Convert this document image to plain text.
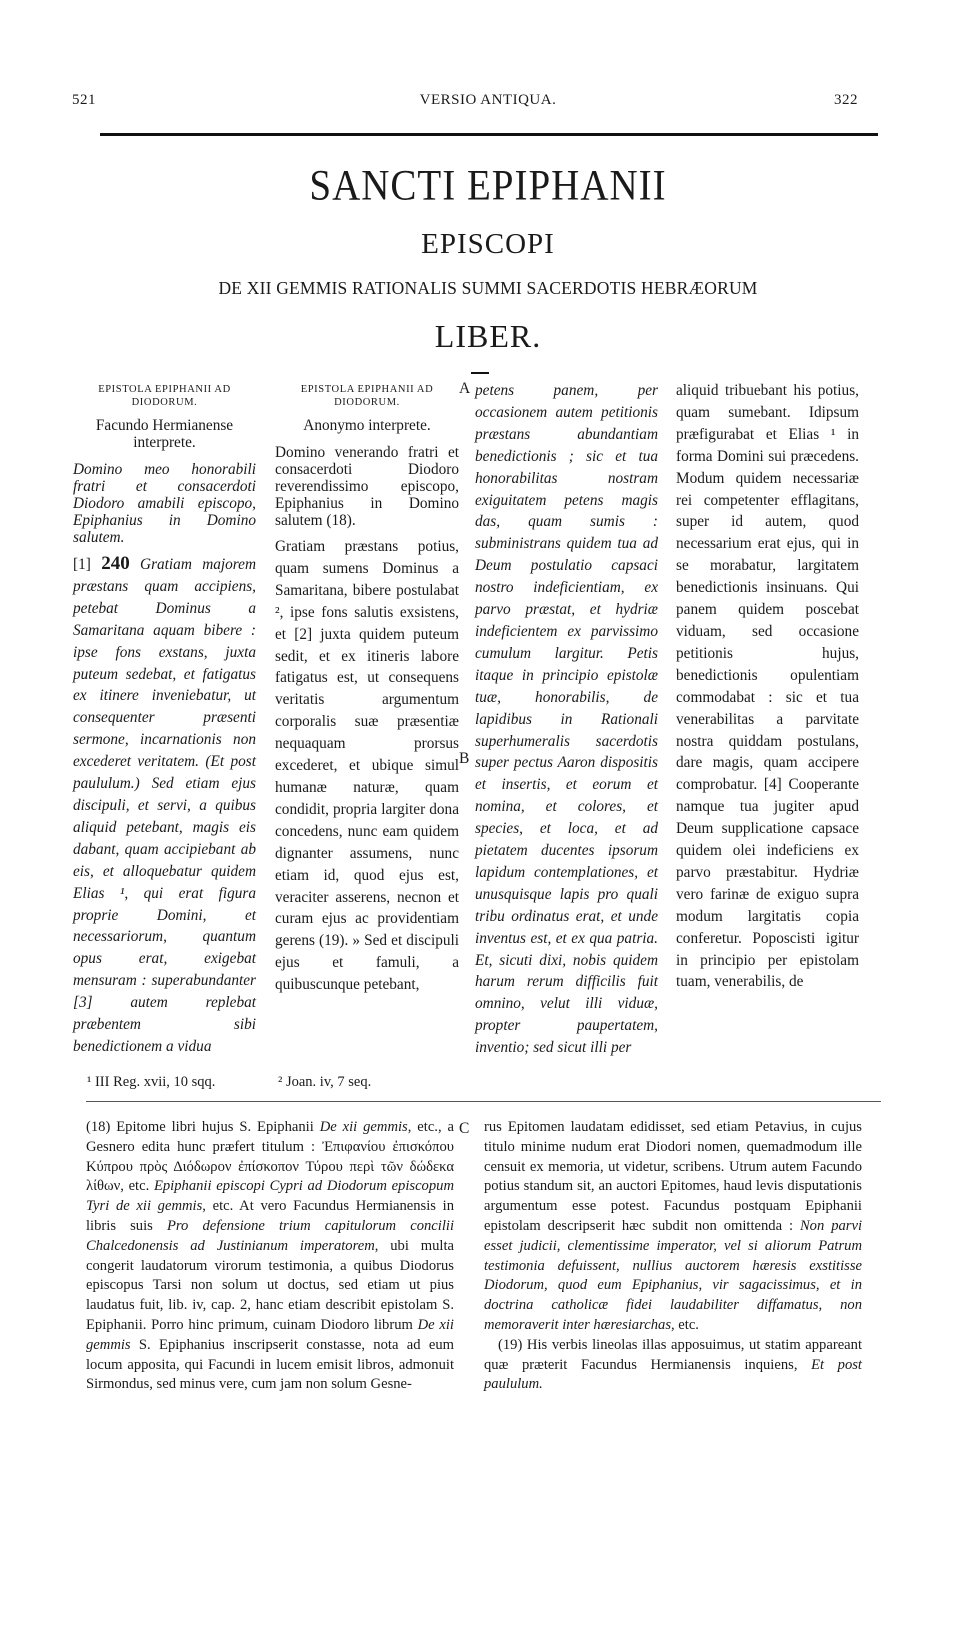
521	VERSIO ANTIQUA.	322
SANCTI EPIPHANII
EPISCOPI
DE XII GEMMIS RATIONALIS SUMMI SACERDOTIS HEBRÆORUM
LIBER.

EPISTOLA EPIPHANII AD DIODORUM.

Facundo Hermianense interprete.

Domino meo honorabili fratri et consacerdoti Diodoro amabili episcopo, Epiphanius in Domino salutem.

[1] 240 Gratiam majorem præstans quam accipiens, petebat Dominus a Samaritana aquam bibere : ipse fons exstans, juxta puteum sedebat, et fatigatus ex itinere inveniebatur, ut consequenter præsenti sermone, incarnationis non excederet veritatem. (Et post paululum.) Sed etiam ejus discipuli, et servi, a quibus aliquid petebant, magis eis dabant, quam accipiebant ab eis, et alloquebatur quidem Elias ¹, qui erat figura proprie Domini, et necessariorum, quantum opus erat, exigebat mensuram : superabundanter [3] autem replebat præbentem sibi benedictionem a vidua

EPISTOLA EPIPHANII AD DIODORUM.

Anonymo interprete.

Domino venerando fratri et consacerdoti Diodoro reverendissimo episcopo, Epiphanius in Domino salutem (18).

Gratiam præstans potius, quam sumens Dominus a Samaritana, bibere postulabat ², ipse fons salutis exsistens, et [2] juxta quidem puteum sedit, et ex itineris labore fatigatus est, ut consequens veritatis argumentum corporalis suæ præsentiæ nequaquam prorsus excederet, et ubique simul humanæ naturæ, quam condidit, propria largiter dona concedens, nunc eam quidem dignanter assumens, nunc etiam id, quod ejus est, veraciter asserens, necnon et curam ejus ac providentiam gerens (19). » Sed et discipuli ejus et famuli, a quibuscunque petebant,

A
B
C

petens panem, per occasionem autem petitionis præstans abundantiam benedictionis ; sic et tua honorabilitas nostram exiguitatem petens magis das, quam sumis : subministrans quidem tua ad Deum postulatio capsaci nostro indeficientiam, ex parvo præstat, et hydriæ indeficientem ex parvissimo cumulum largitur. Petis itaque in principio epistolæ tuæ, honorabilis, de lapidibus in Rationali superhumeralis sacerdotis super pectus Aaron dispositis et insertis, et eorum et nomina, et colores, et species, et loca, et ad pietatem ducentes ipsorum lapidum contemplationes, et unusquisque lapis pro quali tribu ordinatus erat, et unde inventus est, et ex qua patria. Et, sicuti dixi, nobis quidem harum rerum difficilis fuit omnino, velut illi viduæ, propter paupertatem, inventio; sed sicut illi per

aliquid tribuebant his potius, quam sumebant. Idipsum præfigurabat et Elias ¹ in forma Domini sui præcedens. Modum quidem necessariæ rei competenter efflagitans, super id autem, quod necessarium erat ejus, qui in se morabatur, largitatem benedictionis insinuans. Qui panem quidem poscebat viduam, sed occasione petitionis hujus, benedictionis opulentiam commodabat : sic et tua venerabilitas a parvitate nostra quiddam postulans, dare magis, quam accipere comprobatur. [4] Cooperante namque tua jugiter apud Deum supplicatione capsace quidem olei indeficiens ex parvo præstabitur. Hydriæ vero farinæ de exiguo supra modum largitatis copia conferetur. Poposcisti igitur in principio per epistolam tuam, venerabilis, de

¹ III Reg. xvii, 10 sqq.	² Joan. iv, 7 seq.
(18) Epitome libri hujus S. Epiphanii De xii gemmis, etc., a Gesnero edita hunc præfert titulum : Ἐπιφανίου ἐπισκόπου Κύπρου πρὸς Διόδωρον ἐπίσκοπον Τύρου περὶ τῶν δώδεκα λίθων, etc. Epiphanii episcopi Cypri ad Diodorum episcopum Tyri de xii gemmis, etc. At vero Facundus Hermianensis in libris suis Pro defensione trium capitulorum concilii Chalcedonensis ad Justinianum imperatorem, ubi multa congerit laudatorum virorum testimonia, a quibus Diodorus episcopus Tarsi non solum ut doctus, sed etiam ut pius laudatus fuit, lib. iv, cap. 2, hanc etiam describit epistolam S. Epiphanii. Porro hinc primum, cuinam Diodoro librum De xii gemmis S. Epiphanius inscripserit constasse, nota ad eum locum apposita, qui Facundi in lucem emisit libros, admonuit Sirmondus, sed minus vere, cum jam non solum Gesne-

rus Epitomen laudatam edidisset, sed etiam Petavius, in cujus titulo minime nudum erat Diodori nomen, quemadmodum ille censuit ex memoria, ut videtur, scribens. Utrum autem Facundo potius standum sit, an auctori Epitomes, haud levis disputationis argumentum esse potest. Facundus postquam Epiphanii epistolam descripserit hæc subdit non omittenda : Non parvi esset judicii, clementissime imperator, vel si aliorum Patrum testimonia defuissent, nullius auctorem hæresis exstitisse Diodorum, quod eum Epiphanius, vir sagacissimus, et in doctrina catholicæ fidei laudabiliter diffamatus, non memoraverit inter hæresiarchas, etc.

(19) His verbis lineolas illas apposuimus, ut statim appareant quæ præterit Facundus Hermianensis inquiens, Et post paululum.
